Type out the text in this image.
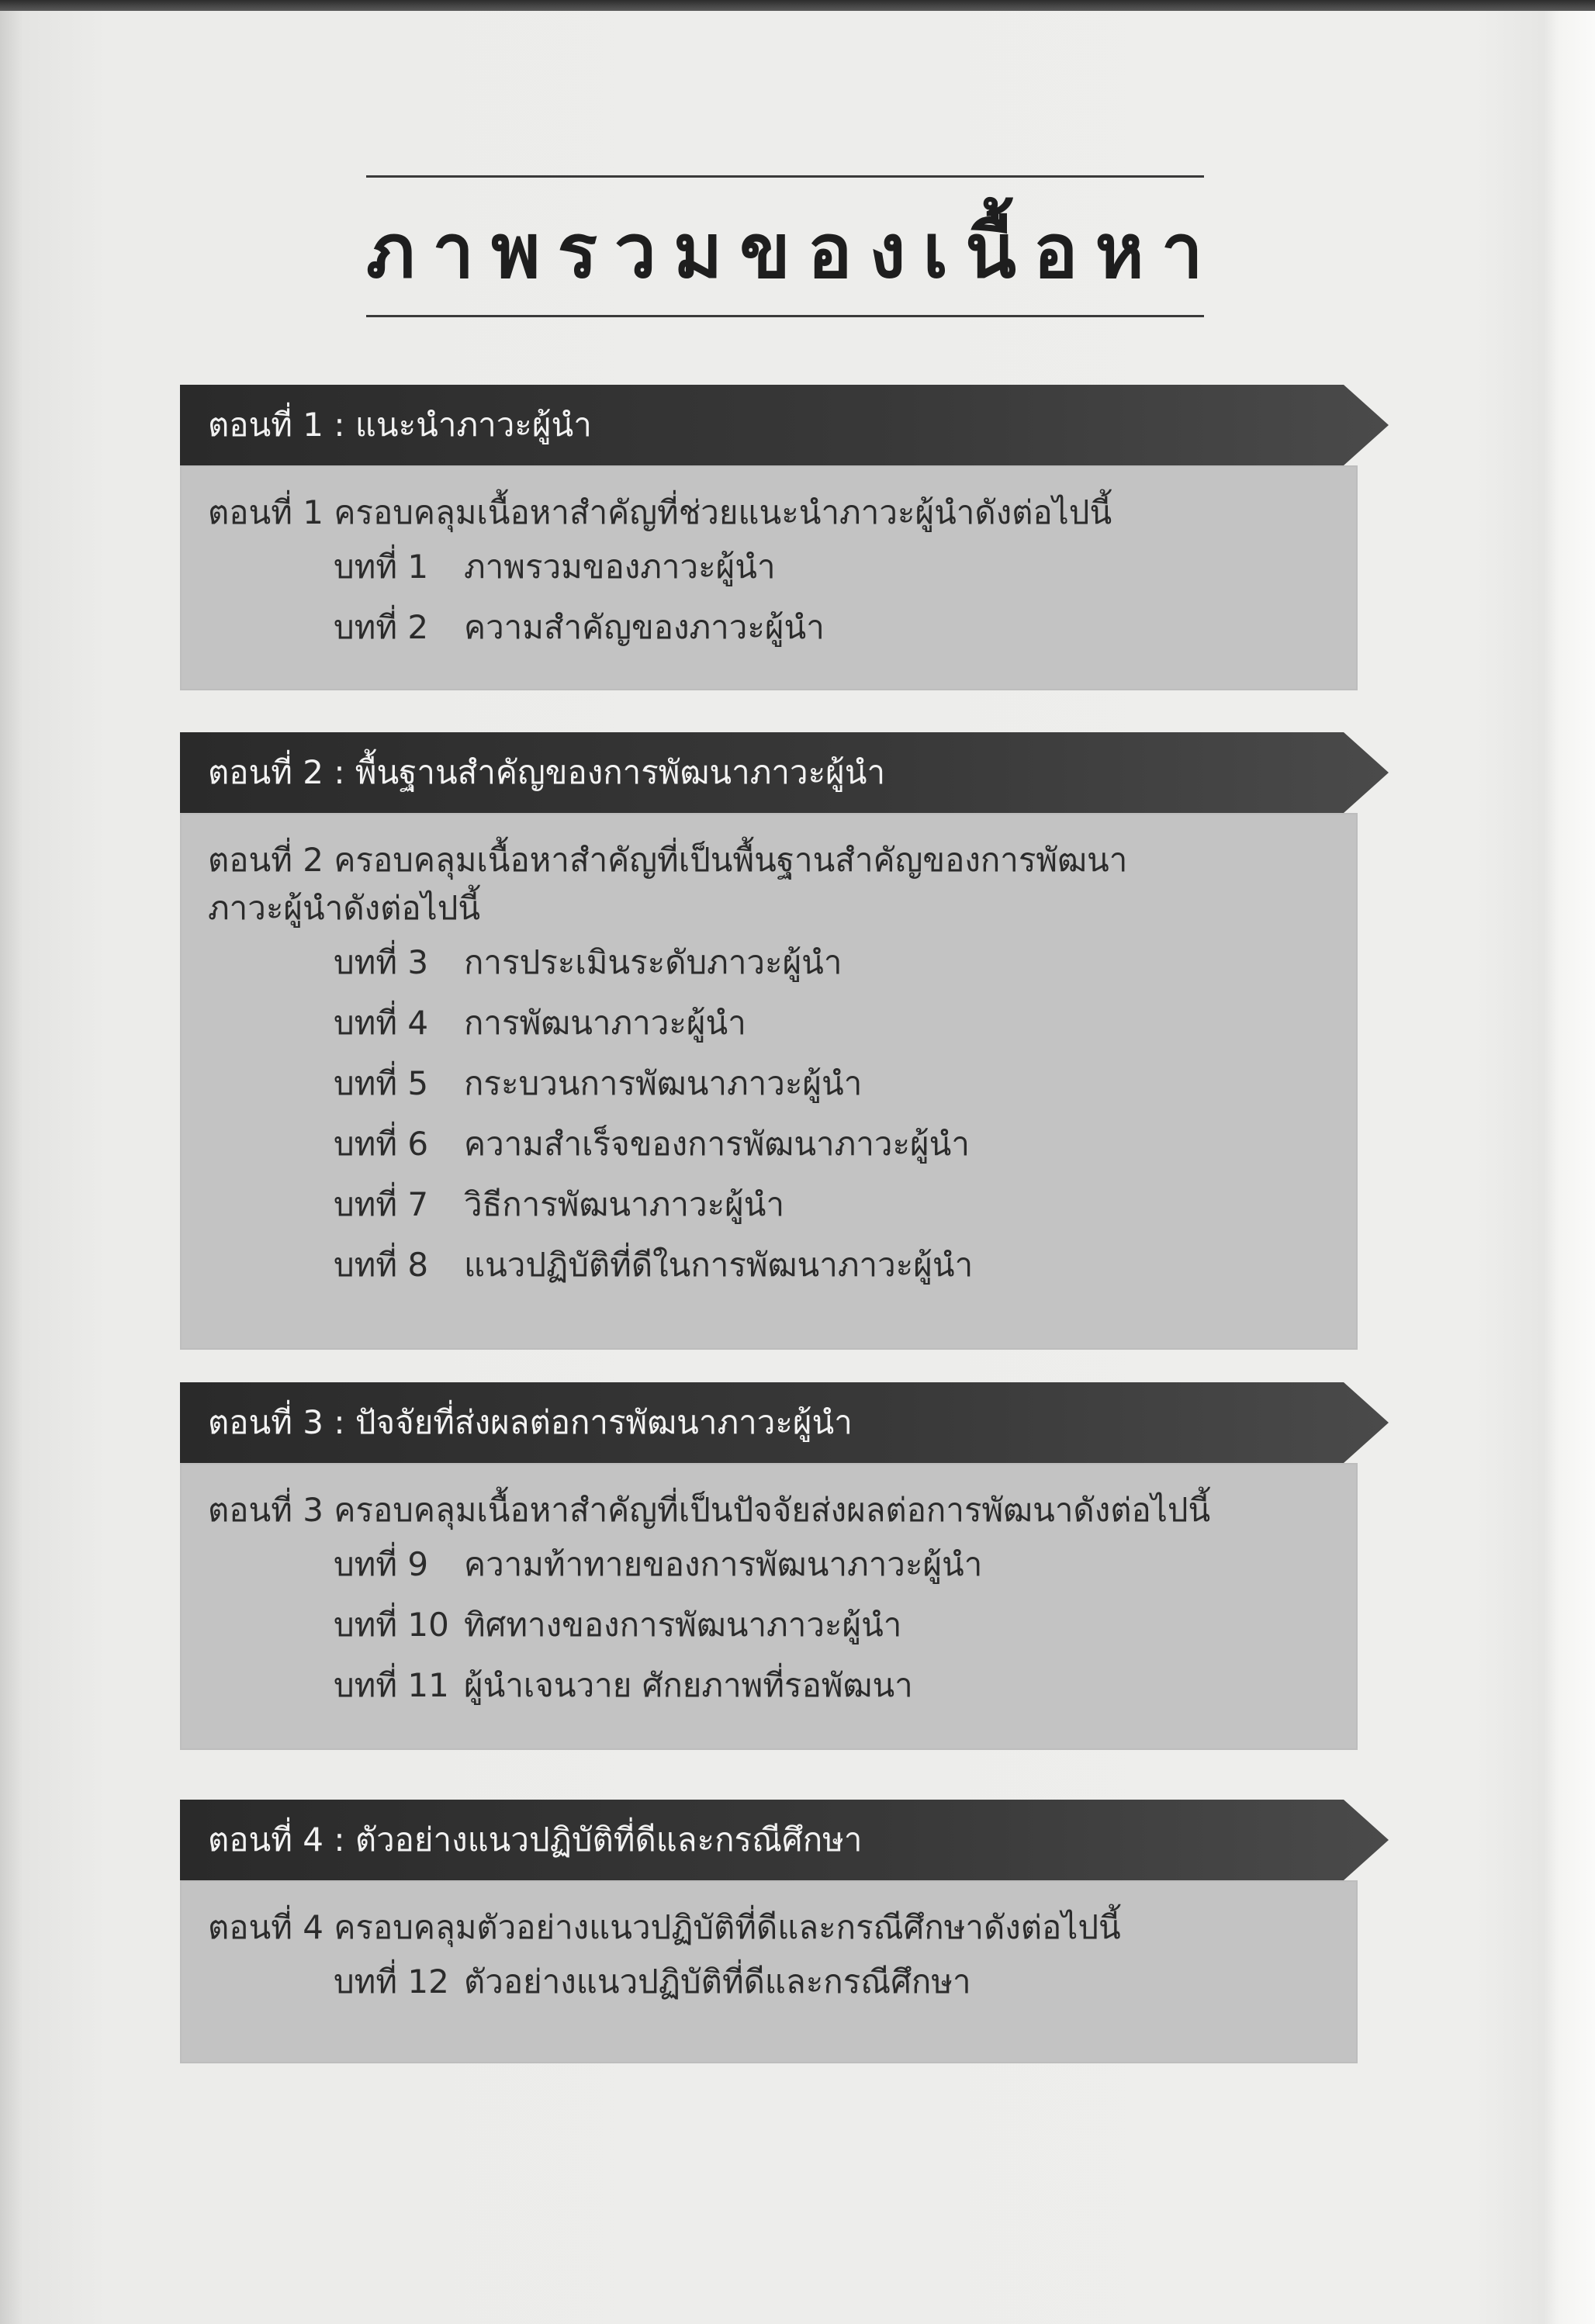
ภาพรวมของเนื้อหา
ตอนที่ 1 : แนะนำภาวะผู้นำ
ตอนที่ 1 ครอบคลุมเนื้อหาสำคัญที่ช่วยแนะนำภาวะผู้นำดังต่อไปนี้
บทที่ 1	ภาพรวมของภาวะผู้นำ
บทที่ 2	ความสำคัญของภาวะผู้นำ
ตอนที่ 2 : พื้นฐานสำคัญของการพัฒนาภาวะผู้นำ
ตอนที่ 2 ครอบคลุมเนื้อหาสำคัญที่เป็นพื้นฐานสำคัญของการพัฒนาภาวะผู้นำดังต่อไปนี้
บทที่ 3	การประเมินระดับภาวะผู้นำ
บทที่ 4	การพัฒนาภาวะผู้นำ
บทที่ 5	กระบวนการพัฒนาภาวะผู้นำ
บทที่ 6	ความสำเร็จของการพัฒนาภาวะผู้นำ
บทที่ 7	วิธีการพัฒนาภาวะผู้นำ
บทที่ 8	แนวปฏิบัติที่ดีในการพัฒนาภาวะผู้นำ
ตอนที่ 3 : ปัจจัยที่ส่งผลต่อการพัฒนาภาวะผู้นำ
ตอนที่ 3 ครอบคลุมเนื้อหาสำคัญที่เป็นปัจจัยส่งผลต่อการพัฒนาดังต่อไปนี้
บทที่ 9	ความท้าทายของการพัฒนาภาวะผู้นำ
บทที่ 10 ทิศทางของการพัฒนาภาวะผู้นำ
บทที่ 11 ผู้นำเจนวาย ศักยภาพที่รอพัฒนา
ตอนที่ 4 : ตัวอย่างแนวปฏิบัติที่ดีและกรณีศึกษา
ตอนที่ 4 ครอบคลุมตัวอย่างแนวปฏิบัติที่ดีและกรณีศึกษาดังต่อไปนี้
บทที่ 12 ตัวอย่างแนวปฏิบัติที่ดีและกรณีศึกษา
